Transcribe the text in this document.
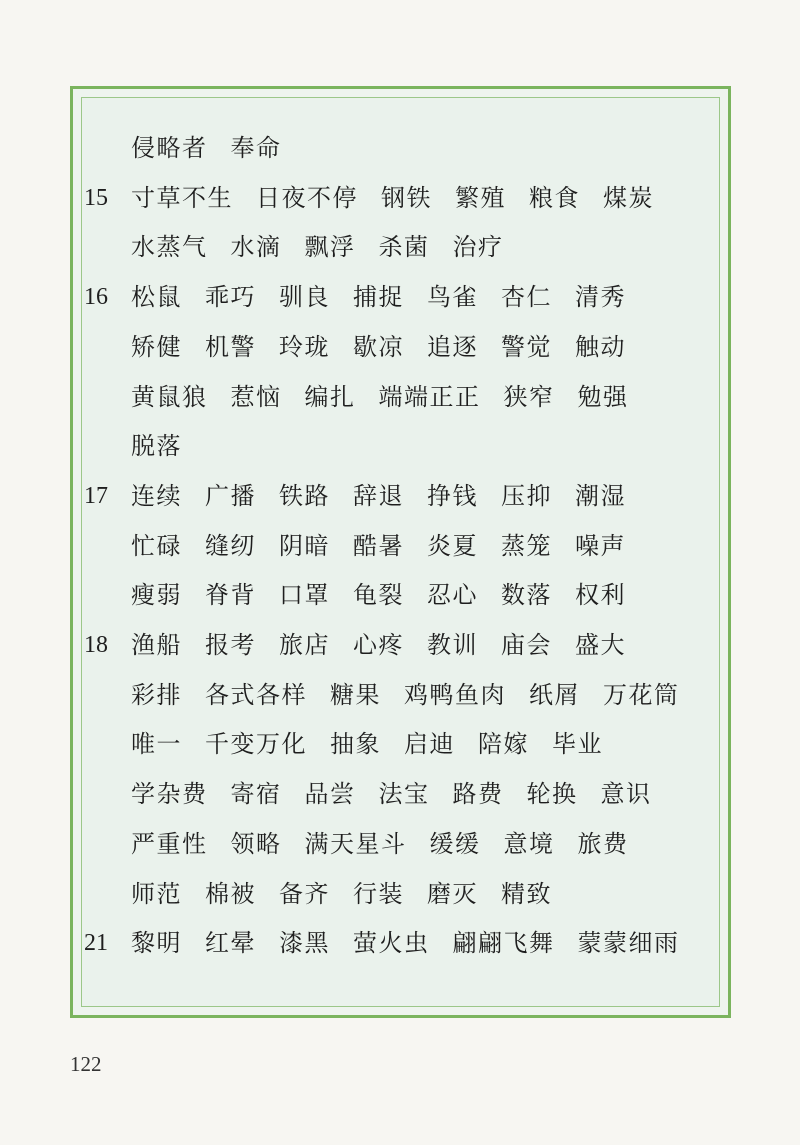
侵略者 奉命
15 寸草不生 日夜不停 钢铁 繁殖 粮食 煤炭
水蒸气 水滴 飘浮 杀菌 治疗
16 松鼠 乖巧 驯良 捕捉 鸟雀 杏仁 清秀
矫健 机警 玲珑 歇凉 追逐 警觉 触动
黄鼠狼 惹恼 编扎 端端正正 狭窄 勉强
脱落
17 连续 广播 铁路 辞退 挣钱 压抑 潮湿
忙碌 缝纫 阴暗 酷暑 炎夏 蒸笼 噪声
瘦弱 脊背 口罩 龟裂 忍心 数落 权利
18 渔船 报考 旅店 心疼 教训 庙会 盛大
彩排 各式各样 糖果 鸡鸭鱼肉 纸屑 万花筒
唯一 千变万化 抽象 启迪 陪嫁 毕业
学杂费 寄宿 品尝 法宝 路费 轮换 意识
严重性 领略 满天星斗 缓缓 意境 旅费
师范 棉被 备齐 行装 磨灭 精致
21 黎明 红晕 漆黑 萤火虫 翩翩飞舞 蒙蒙细雨
122
